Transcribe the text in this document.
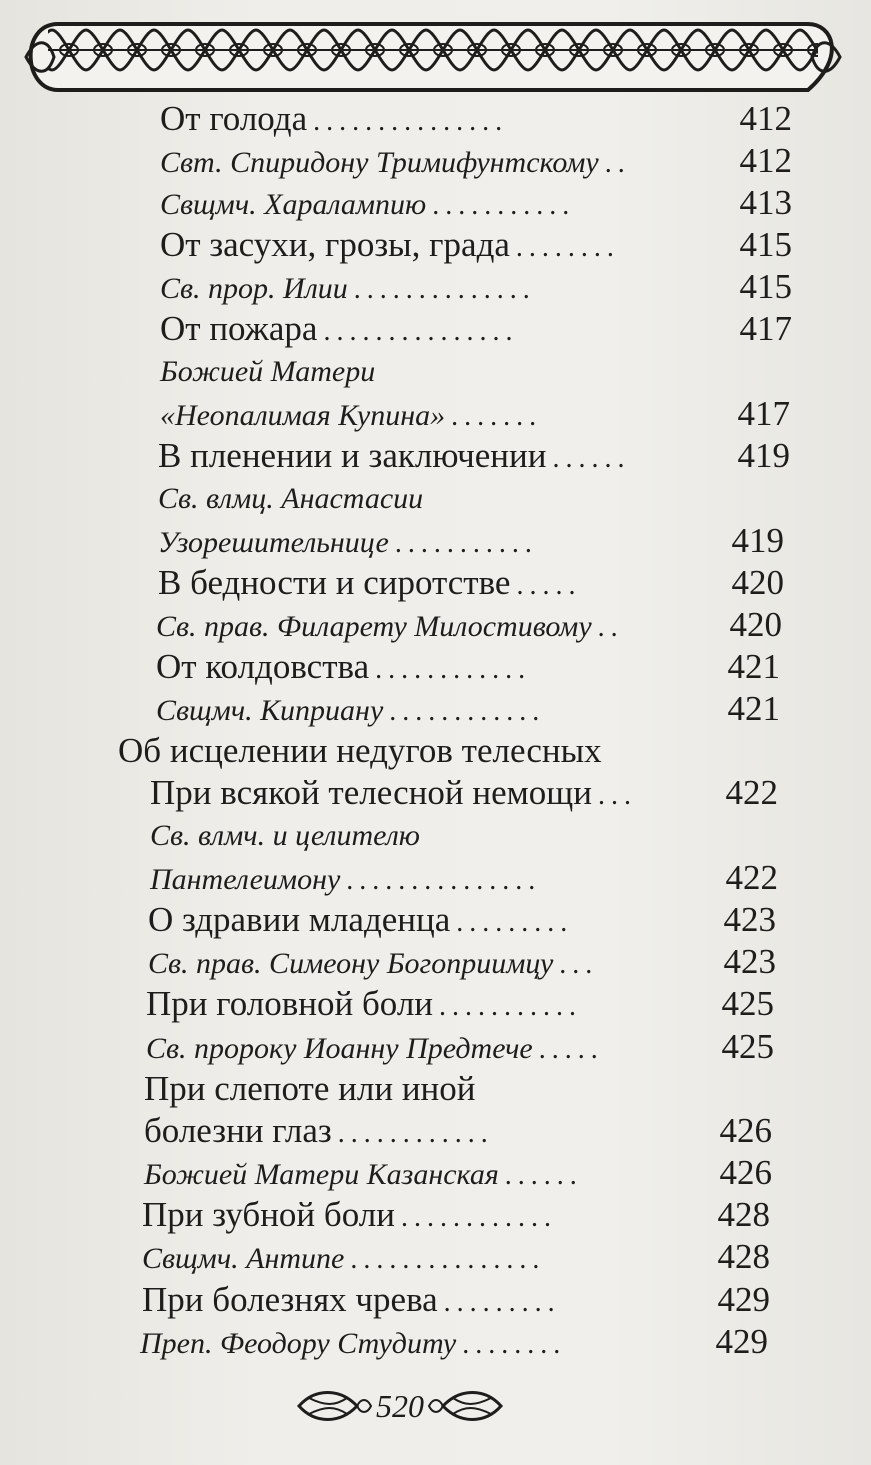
От голода ...............	412
Свт. Спиридону Тримифунтскому ..	412
Свщмч. Харалампию ...........	413
От засухи, грозы, града ........	415
Св. прор. Илии ..............	415
От пожара ...............	417
Божией Матери
«Неопалимая Купина» .......	417
В пленении и заключении ......	419
Св. влмц. Анастасии
Узорешительнице ...........	419
В бедности и сиротстве .....	420
Св. прав. Филарету Милостивому ..	420
От колдовства ............	421
Свщмч. Киприану ............	421
Об исцелении недугов телесных
При всякой телесной немощи ...	422
Св. влмч. и целителю
Пантелеимону ...............	422
О здравии младенца .........	423
Св. прав. Симеону Богоприимцу ...	423
При головной боли ...........	425
Св. пророку Иоанну Предтече .....	425
При слепоте или иной
болезни глаз ............	426
Божией Матери Казанская ......	426
При зубной боли ............	428
Свщмч. Антипе ...............	428
При болезнях чрева .........	429
Преп. Феодору Студиту ........	429
520
